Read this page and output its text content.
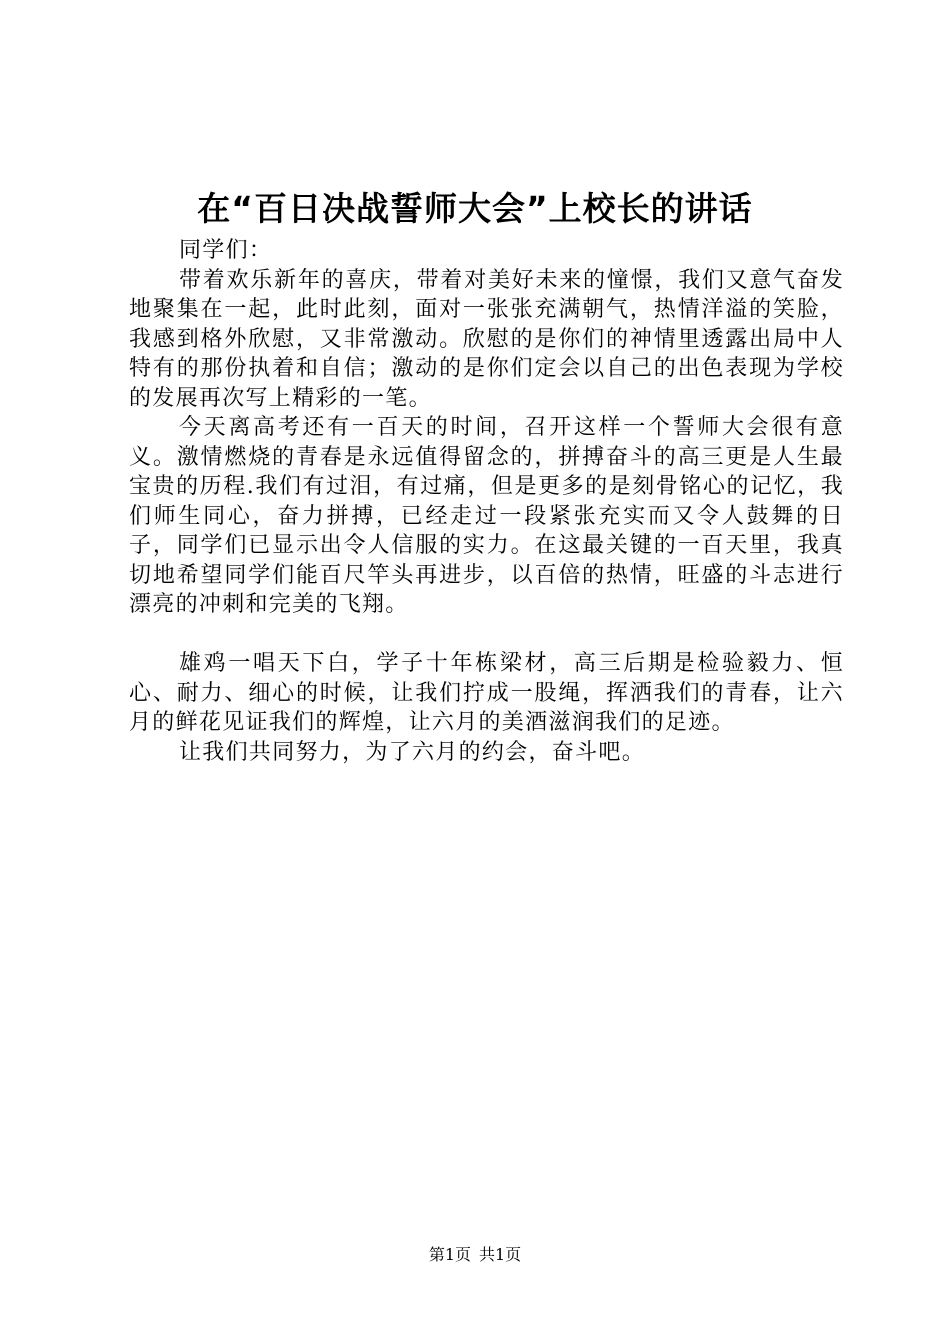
在“百日决战誓师大会”上校长的讲话

同学们：

带着欢乐新年的喜庆，带着对美好未来的憧憬，我们又意气奋发地聚集在一起，此时此刻，面对一张张充满朝气，热情洋溢的笑脸，我感到格外欣慰，又非常激动。欣慰的是你们的神情里透露出局中人特有的那份执着和自信；激动的是你们定会以自己的出色表现为学校的发展再次写上精彩的一笔。

今天离高考还有一百天的时间，召开这样一个誓师大会很有意义。激情燃烧的青春是永远值得留念的，拼搏奋斗的高三更是人生最宝贵的历程.我们有过泪，有过痛，但是更多的是刻骨铭心的记忆，我们师生同心，奋力拼搏，已经走过一段紧张充实而又令人鼓舞的日子，同学们已显示出令人信服的实力。在这最关键的一百天里，我真切地希望同学们能百尺竿头再进步，以百倍的热情，旺盛的斗志进行漂亮的冲刺和完美的飞翔。

雄鸡一唱天下白，学子十年栋梁材，高三后期是检验毅力、恒心、耐力、细心的时候，让我们拧成一股绳，挥洒我们的青春，让六月的鲜花见证我们的辉煌，让六月的美酒滋润我们的足迹。

让我们共同努力，为了六月的约会，奋斗吧。

第1页 共1页
